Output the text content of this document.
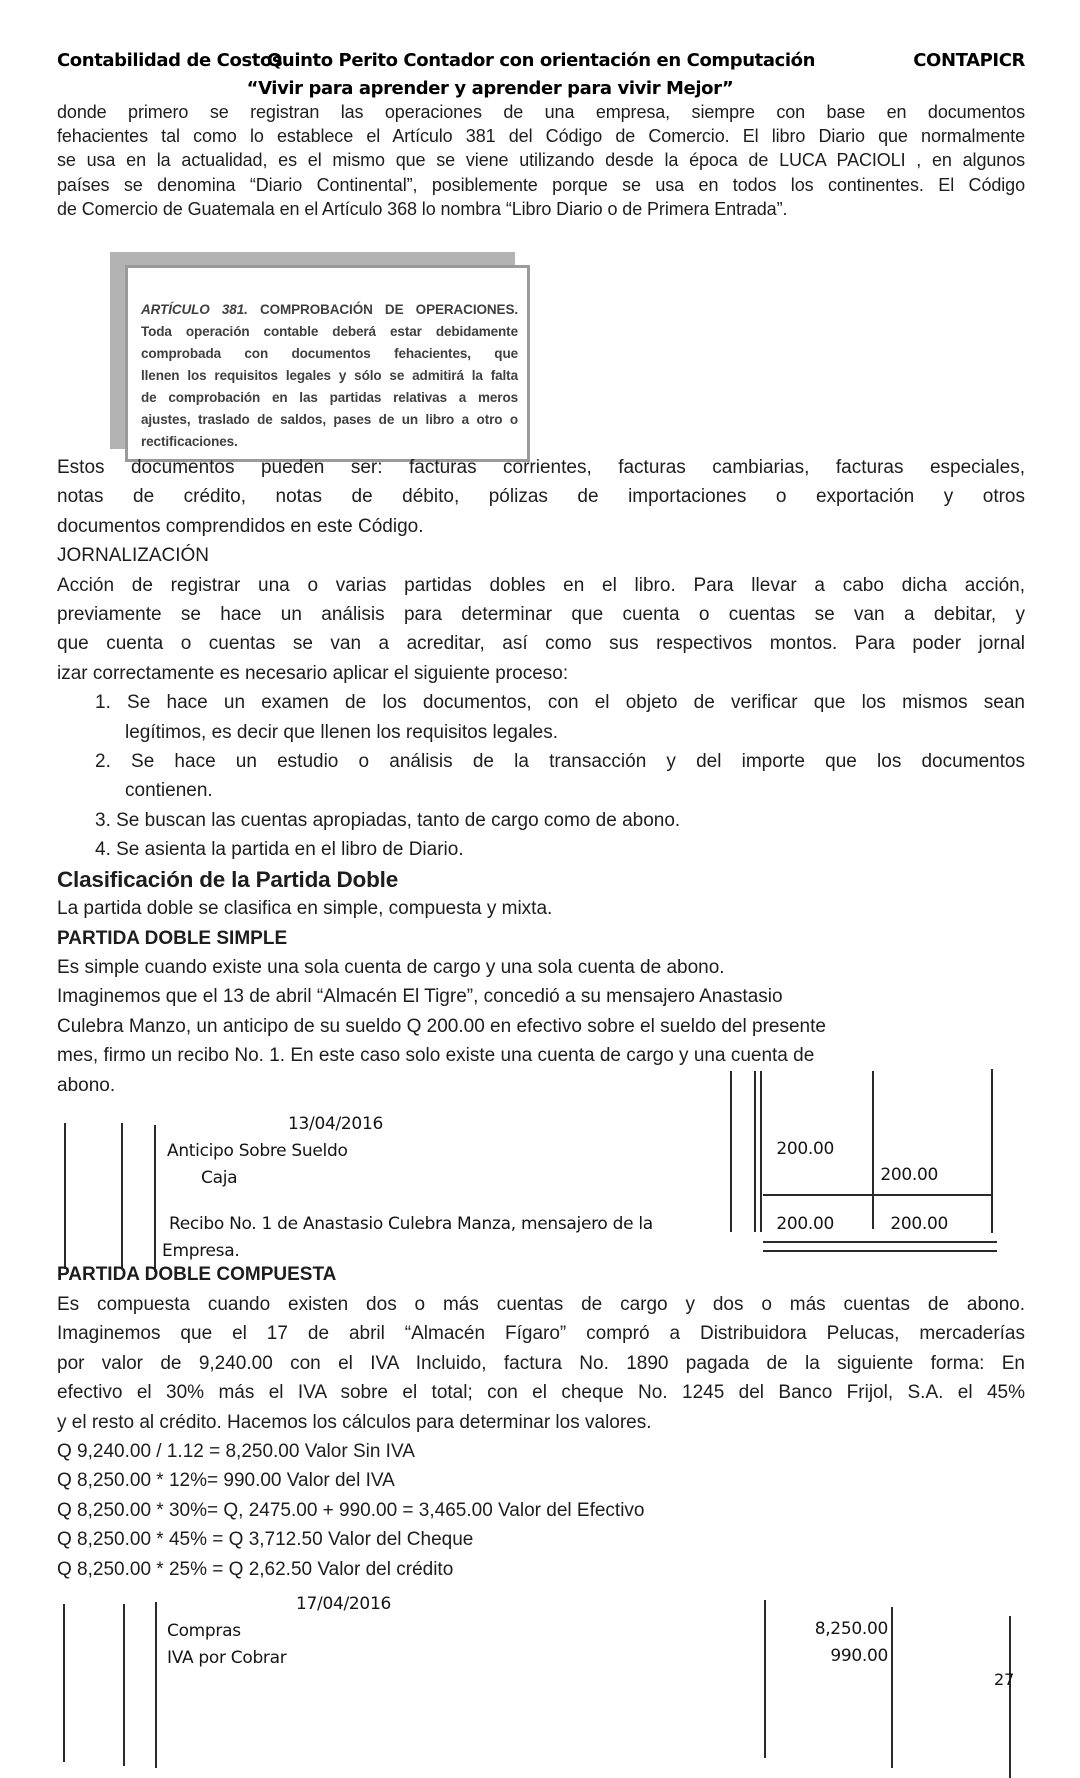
Contabilidad de Costos
Quinto Perito Contador con orientación en Computación	CONTAPICR
“Vivir para aprender y aprender para vivir Mejor”
donde primero se registran las operaciones de una empresa, siempre con base en documentos
fehacientes tal como lo establece el Artículo 381 del Código de Comercio. El libro Diario que normalmente
se usa en la actualidad, es el mismo que se viene utilizando desde la época de LUCA PACIOLI , en algunos
países se denomina “Diario Continental”, posiblemente porque se usa en todos los continentes. El Código
de Comercio de Guatemala en el Artículo 368 lo nombra “Libro Diario o de Primera Entrada”.
ARTÍCULO 381. COMPROBACIÓN DE OPERACIONES.
Toda operación contable deberá estar debidamente
comprobada con documentos fehacientes, que
llenen los requisitos legales y sólo se admitirá la falta
de comprobación en las partidas relativas a meros
ajustes, traslado de saldos, pases de un libro a otro o
rectificaciones.
Estos documentos pueden ser: facturas corrientes, facturas cambiarias, facturas especiales,
notas de crédito, notas de débito, pólizas de importaciones o exportación y otros
documentos comprendidos en este Código.
JORNALIZACIÓN
Acción de registrar una o varias partidas dobles en el libro. Para llevar a cabo dicha acción,
previamente se hace un análisis para determinar que cuenta o cuentas se van a debitar, y
que cuenta o cuentas se van a acreditar, así como sus respectivos montos. Para poder jornal
izar correctamente es necesario aplicar el siguiente proceso:
1. Se hace un examen de los documentos, con el objeto de verificar que los mismos sean
legítimos, es decir que llenen los requisitos legales.
2. Se hace un estudio o análisis de la transacción y del importe que los documentos
contienen.
3. Se buscan las cuentas apropiadas, tanto de cargo como de abono.
4. Se asienta la partida en el libro de Diario.
Clasificación de la Partida Doble
La partida doble se clasifica en simple, compuesta y mixta.
PARTIDA DOBLE SIMPLE
Es simple cuando existe una sola cuenta de cargo y una sola cuenta de abono.
Imaginemos que el 13 de abril “Almacén El Tigre”, concedió a su mensajero Anastasio
Culebra Manzo, un anticipo de su sueldo Q 200.00 en efectivo sobre el sueldo del presente
mes, firmo un recibo No. 1. En este caso solo existe una cuenta de cargo y una cuenta de
abono.
13/04/2016
Anticipo Sobre Sueldo
Caja
200.00
200.00
Recibo No. 1 de Anastasio Culebra Manza, mensajero de la
Empresa.
200.00	200.00
PARTIDA DOBLE COMPUESTA
Es compuesta cuando existen dos o más cuentas de cargo y dos o más cuentas de abono.
Imaginemos que el 17 de abril “Almacén Fígaro” compró a Distribuidora Pelucas, mercaderías
por valor de 9,240.00 con el IVA Incluido, factura No. 1890 pagada de la siguiente forma: En
efectivo el 30% más el IVA sobre el total; con el cheque No. 1245 del Banco Frijol, S.A. el 45%
y el resto al crédito. Hacemos los cálculos para determinar los valores.
Q 9,240.00 / 1.12 = 8,250.00 Valor Sin IVA
Q 8,250.00 * 12%= 990.00 Valor del IVA
Q 8,250.00 * 30%= Q, 2475.00 + 990.00 = 3,465.00 Valor del Efectivo
Q 8,250.00 * 45% = Q 3,712.50 Valor del Cheque
Q 8,250.00 * 25% = Q 2,62.50 Valor del crédito
17/04/2016
Compras
IVA por Cobrar
8,250.00
990.00
27
